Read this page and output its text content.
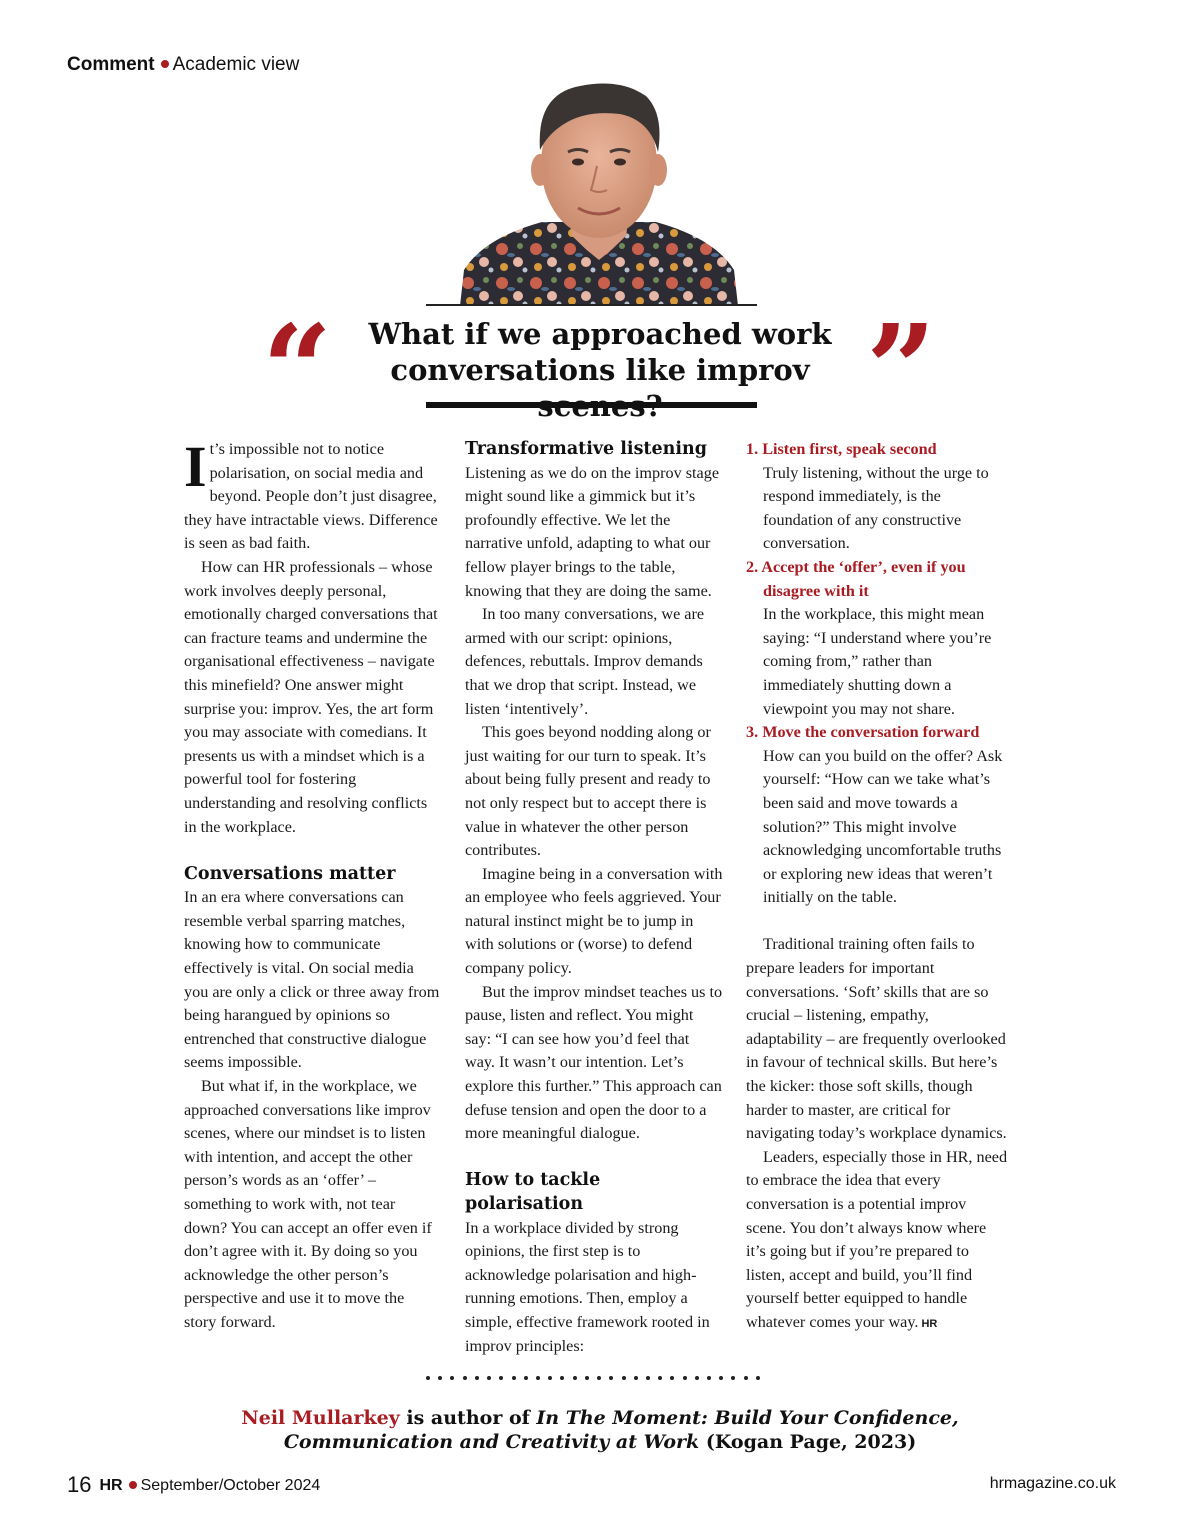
Comment Academic view
“	What if we approached work conversations like improv ”

It’s impossible not to notice polarisation, on social media and beyond. People don’t just disagree, they have intractable views. Difference is seen as bad faith.

How can HR professionals – whose work involves deeply personal, emotionally charged conversations that can fracture teams and undermine the organisational effectiveness – navigate this minefield? One answer might surprise you: improv. Yes, the art form you may associate with comedians. It presents us with a mindset which is a powerful tool for fostering understanding and resolving conflicts in the workplace.

Conversations matter

In an era where conversations can resemble verbal sparring matches, knowing how to communicate effectively is vital. On social media you are only a click or three away from being harangued by opinions so entrenched that constructive dialogue seems impossible.

But what if, in the workplace, we approached conversations like improv scenes, where our mindset is to listen with intention, and accept the other person’s words as an ‘offer’ – something to work with, not tear down? You can accept an offer even if don’t agree with it. By doing so you acknowledge the other person’s perspective and use it to move the story forward.

Transformative listening

Listening as we do on the improv stage might sound like a gimmick but it’s profoundly effective. We let the narrative unfold, adapting to what our fellow player brings to the table, knowing that they are doing the same.

In too many conversations, we are armed with our script: opinions, defences, rebuttals. Improv demands that we drop that script. Instead, we listen ‘intentively’.

This goes beyond nodding along or just waiting for our turn to speak. It’s about being fully present and ready to not only respect but to accept there is value in whatever the other person contributes.

Imagine being in a conversation with an employee who feels aggrieved. Your natural instinct might be to jump in with solutions or (worse) to defend company policy.

But the improv mindset teaches us to pause, listen and reflect. You might say: “I can see how you’d feel that way. It wasn’t our intention. Let’s explore this further.” This approach can defuse tension and open the door to a more meaningful dialogue.

How to tackle polarisation

In a workplace divided by strong opinions, the first step is to acknowledge polarisation and high-running emotions. Then, employ a simple, effective framework rooted in improv principles:

1. Listen first, speak second

Truly listening, without the urge to respond immediately, is the foundation of any constructive conversation.

2. Accept the ‘offer’, even if you disagree with it

In the workplace, this might mean saying: “I understand where you’re coming from,” rather than immediately shutting down a viewpoint you may not share.

3. Move the conversation forward

How can you build on the offer? Ask yourself: “How can we take what’s been said and move towards a solution?” This might involve acknowledging uncomfortable truths or exploring new ideas that weren’t initially on the table.

Traditional training often fails to prepare leaders for important conversations. ‘Soft’ skills that are so crucial – listening, empathy, adaptability – are frequently overlooked in favour of technical skills. But here’s the kicker: those soft skills, though harder to master, are critical for navigating today’s workplace dynamics.

Leaders, especially those in HR, need to embrace the idea that every conversation is a potential improv scene. You don’t always know where it’s going but if you’re prepared to listen, accept and build, you’ll find yourself better equipped to handle whatever comes your way. HR

Neil Mullarkey is author of In The Moment: Build Your Confidence, Communication and Creativity at Work (Kogan Page, 2023)
16 HR September/October 2024	hrmagazine.co.uk
